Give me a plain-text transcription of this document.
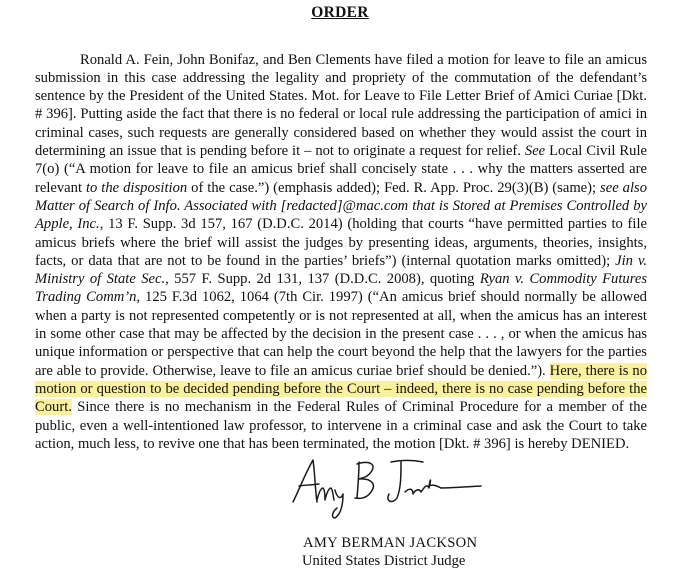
ORDER

Ronald A. Fein, John Bonifaz, and Ben Clements have filed a motion for leave to file an amicus submission in this case addressing the legality and propriety of the commutation of the defendant’s sentence by the President of the United States. Mot. for Leave to File Letter Brief of Amici Curiae [Dkt. # 396]. Putting aside the fact that there is no federal or local rule addressing the participation of amici in criminal cases, such requests are generally considered based on whether they would assist the court in determining an issue that is pending before it – not to originate a request for relief. See Local Civil Rule 7(o) (“A motion for leave to file an amicus brief shall concisely state . . . why the matters asserted are relevant to the disposition of the case.”) (emphasis added); Fed. R. App. Proc. 29(3)(B) (same); see also Matter of Search of Info. Associated with [redacted]@mac.com that is Stored at Premises Controlled by Apple, Inc., 13 F. Supp. 3d 157, 167 (D.D.C. 2014) (holding that courts “have permitted parties to file amicus briefs where the brief will assist the judges by presenting ideas, arguments, theories, insights, facts, or data that are not to be found in the parties’ briefs”) (internal quotation marks omitted); Jin v. Ministry of State Sec., 557 F. Supp. 2d 131, 137 (D.D.C. 2008), quoting Ryan v. Commodity Futures Trading Comm’n, 125 F.3d 1062, 1064 (7th Cir. 1997) (“An amicus brief should normally be allowed when a party is not represented competently or is not represented at all, when the amicus has an interest in some other case that may be affected by the decision in the present case . . . , or when the amicus has unique information or perspective that can help the court beyond the help that the lawyers for the parties are able to provide. Otherwise, leave to file an amicus curiae brief should be denied.”). Here, there is no motion or question to be decided pending before the Court – indeed, there is no case pending before the Court. Since there is no mechanism in the Federal Rules of Criminal Procedure for a member of the public, even a well-intentioned law professor, to intervene in a criminal case and ask the Court to take action, much less, to revive one that has been terminated, the motion [Dkt. # 396] is hereby DENIED.

AMY BERMAN JACKSON
United States District Judge
